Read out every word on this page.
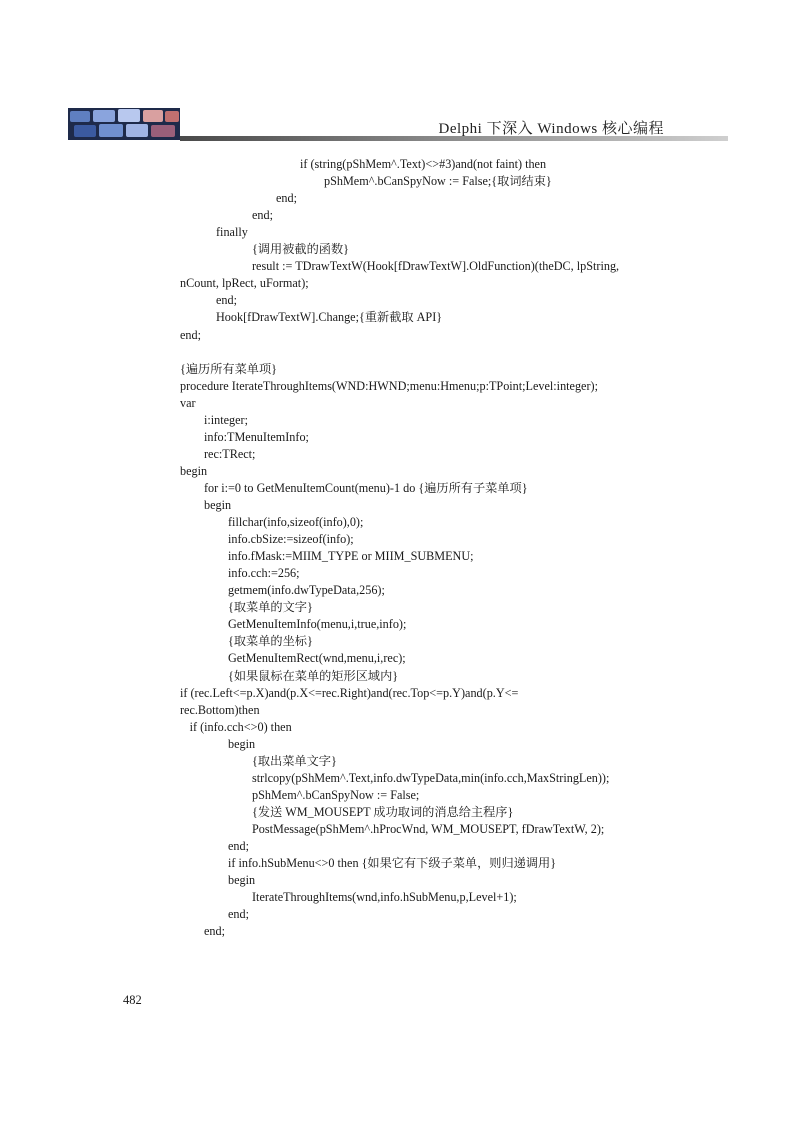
Delphi 下深入 Windows 核心编程
if (string(pShMem^.Text)<>#3)and(not faint) then
pShMem^.bCanSpyNow := False;{取词结束}
end;
end;
finally
{调用被截的函数}
result := TDrawTextW(Hook[fDrawTextW].OldFunction)(theDC, lpString,
nCount, lpRect, uFormat);
end;
Hook[fDrawTextW].Change;{重新截取 API}
end;
{遍历所有菜单项}
procedure IterateThroughItems(WND:HWND;menu:Hmenu;p:TPoint;Level:integer);
var
i:integer;
info:TMenuItemInfo;
rec:TRect;
begin
for i:=0 to GetMenuItemCount(menu)-1 do {遍历所有子菜单项}
begin
fillchar(info,sizeof(info),0);
info.cbSize:=sizeof(info);
info.fMask:=MIIM_TYPE or MIIM_SUBMENU;
info.cch:=256;
getmem(info.dwTypeData,256);
{取菜单的文字}
GetMenuItemInfo(menu,i,true,info);
{取菜单的坐标}
GetMenuItemRect(wnd,menu,i,rec);
{如果鼠标在菜单的矩形区域内}
if (rec.Left<=p.X)and(p.X<=rec.Right)and(rec.Top<=p.Y)and(p.Y<=
rec.Bottom)then
if (info.cch<>0) then
begin
{取出菜单文字}
strlcopy(pShMem^.Text,info.dwTypeData,min(info.cch,MaxStringLen));
pShMem^.bCanSpyNow := False;
{发送 WM_MOUSEPT 成功取词的消息给主程序}
PostMessage(pShMem^.hProcWnd, WM_MOUSEPT, fDrawTextW, 2);
end;
if info.hSubMenu<>0 then {如果它有下级子菜单，则归递调用}
begin
IterateThroughItems(wnd,info.hSubMenu,p,Level+1);
end;
end;
482
